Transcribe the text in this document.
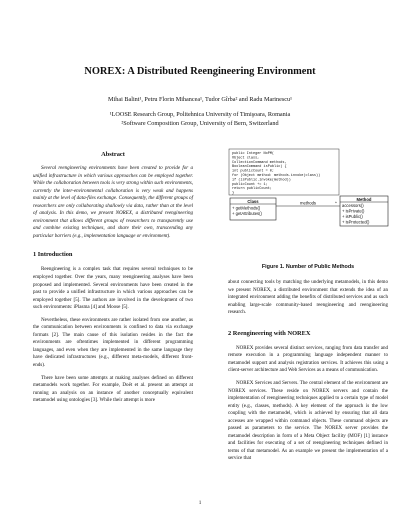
NOREX: A Distributed Reengineering Environment
Mihai Balint¹, Petru Florin Mihancea¹, Tudor Gîrba² and Radu Marinescu¹
¹LOOSE Research Group, Politehnica University of Timişoara, Romania
²Software Composition Group, University of Bern, Switzerland
Abstract

Several reengineering environments have been created to provide for a unified infrastructure in which various approaches can be employed together. While the collaboration between tools is very strong within such environments, currently the inter-environmental collaboration is very weak and happens mainly at the level of data-files exchange. Consequently, the different groups of researchers are only collaborating shallowly via data, rather than at the level of analysis. In this demo, we present NOREX, a distributed reengineering environment that allows different groups of researchers to transparently use and combine existing techniques, and share their own, transcending any particular barriers (e.g., implementation language or environment).

1 Introduction

Reengineering is a complex task that requires several techniques to be employed together. Over the years, many reengineering analyses have been proposed and implemented. Several environments have been created in the past to provide a unified infrastructure in which various approaches can be employed together [5]. The authors are involved in the development of two such environments: iPlasma [4] and Moose [5].

Nevertheless, these environments are rather isolated from one another, as the communication between environments is confined to data via exchange formats [2]. The main cause of this isolation resides in the fact the environments are oftentimes implemented in different programming languages, and even when they are implemented in the same language they have dedicated infrastructures (e.g., different meta-models, different front-ends).

There have been some attempts at making analyses defined on different metamodels work together. For example, Doët et al. present an attempt at running an analysis on an instance of another conceptually equivalent metamodel using ontologies [3]. While their attempt is more

public Integer NoPM(
Object class,
CollectionCommand methods,
BooleanCommand isPublic) {
int publicCount = 0;
for (Object method: methods.invoke(class))
if (isPublic.invoke(method))
publicCount += 1;
return publicCount;
}
Class
+ getMethods()
+ getAttributes()
methods	*
Method
accessors()
+ isPrivate()
+ isPublic()
+ isProtected()

Figure 1. Number of Public Methods

about connecting tools by matching the underlying metamodels, in this demo we present NOREX, a distributed environment that extends the idea of an integrated environment adding the benefits of distributed services and as such enabling large-scale community-based reengineering and reengineering research.

2 Reengineering with NOREX

NOREX provides several distinct services, ranging from data transfer and remote execution in a programming language independent manner to metamodel support and analysis registration services. It achieves this using a client-server architecture and Web Services as a means of communication.

NOREX Services and Servers. The central element of the environment are NOREX services. These reside on NOREX servers and contain the implementation of reengineering techniques applied to a certain type of model entity (e.g., classes, methods). A key element of the approach is the low coupling with the metamodel, which is achieved by ensuring that all data accesses are wrapped within command objects. These command objects are passed as parameters to the service. The NOREX server provides the metamodel description in form of a Meta Object facility (MOF) [1] instance and facilities for executing of a set of reengineering techniques defined in terms of that metamodel. As an example we present the implementation of a service that

1
